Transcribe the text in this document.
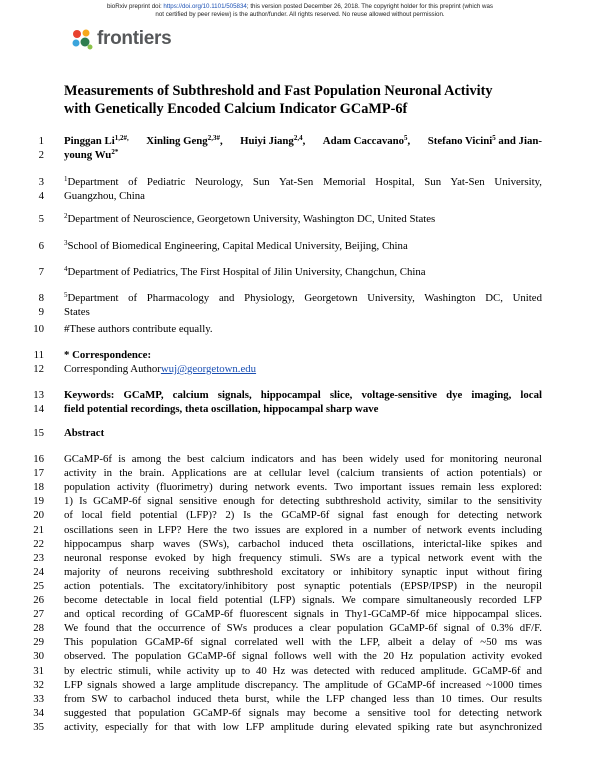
bioRxiv preprint doi: https://doi.org/10.1101/505834; this version posted December 26, 2018. The copyright holder for this preprint (which was
not certified by peer review) is the author/funder. All rights reserved. No reuse allowed without permission.
frontiers
Measurements of Subthreshold and Fast Population Neuronal Activity
with Genetically Encoded Calcium Indicator GCaMP-6f
1
2
Pinggan $Li^{1,2\#,}$ Xinling Geng$^{2,3\#}$, Huiyi Jiang$^{2,4}$, Adam Caccavano$^5$, Stefano Vicini$^5$ and Jian-
young $Wu^{2*}$
3
4
$^1$Department of Pediatric Neurology, Sun Yat-Sen Memorial Hospital, Sun Yat-Sen University,
Guangzhou, China
5	$^2$Department of Neuroscience, Georgetown University, Washington DC, United States
6	$^3$School of Biomedical Engineering, Capital Medical University, Beijing, China
7	$^4$Department of Pediatrics, The First Hospital of Jilin University, Changchun, China
8
9
$^5$Department of Pharmacology and Physiology, Georgetown University, Washington DC, United
States
10 #These authors contribute equally.
11
12
* Correspondence:
Corresponding Authorwuj@georgetown.edu
13
14
Keywords: GCaMP, calcium signals, hippocampal slice, voltage-sensitive dye imaging, local
field potential recordings, theta oscillation, hippocampal sharp wave
15 Abstract
16
17
18
19
20
21
22
23
24
25
26
27
28
29
30
31
32
33
34
35
GCaMP-6f is among the best calcium indicators and has been widely used for monitoring neuronal
activity in the brain. Applications are at cellular level (calcium transients of action potentials) or
population activity (fluorimetry) during network events. Two important issues remain less explored:
1) Is GCaMP-6f signal sensitive enough for detecting subthreshold activity, similar to the sensitivity
of local field potential (LFP)? 2) Is the GCaMP-6f signal fast enough for detecting network
oscillations seen in LFP? Here the two issues are explored in a number of network events including
hippocampus sharp waves (SWs), carbachol induced theta oscillations, interictal-like spikes and
neuronal response evoked by high frequency stimuli. SWs are a typical network event with the
majority of neurons receiving subthreshold excitatory or inhibitory synaptic input without firing
action potentials. The excitatory/inhibitory post synaptic potentials (EPSP/IPSP) in the neuropil
become detectable in local field potential (LFP) signals. We compare simultaneously recorded LFP
and optical recording of GCaMP-6f fluorescent signals in Thy1-GCaMP-6f mice hippocampal slices.
We found that the occurrence of SWs produces a clear population GCaMP-6f signal of 0.3% dF/F.
This population GCaMP-6f signal correlated well with the LFP, albeit a delay of ~50 ms was
observed. The population GCaMP-6f signal follows well with the 20 Hz population activity evoked
by electric stimuli, while activity up to 40 Hz was detected with reduced amplitude. GCaMP-6f and
LFP signals showed a large amplitude discrepancy. The amplitude of GCaMP-6f increased ~1000 times
from SW to carbachol induced theta burst, while the LFP changed less than 10 times. Our results
suggested that population GCaMP-6f signals may become a sensitive tool for detecting network
activity, especially for that with low LFP amplitude during elevated spiking rate but asynchronized
